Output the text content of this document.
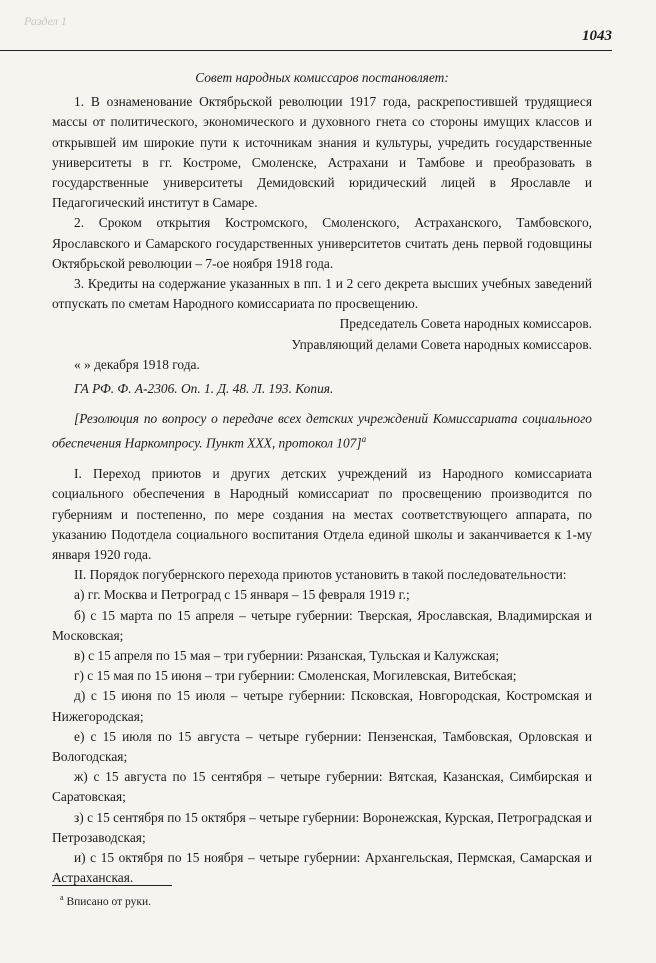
Раздел 1
1043

Совет народных комиссаров постановляет:

1. В ознаменование Октябрьской революции 1917 года, раскрепостившей трудящиеся массы от политического, экономического и духовного гнета со стороны имущих классов и открывшей им широкие пути к источникам знания и культуры, учредить государственные университеты в гг. Костроме, Смоленске, Астрахани и Тамбове и преобразовать в государственные университеты Демидовский юридический лицей в Ярославле и Педагогический институт в Самаре.

2. Сроком открытия Костромского, Смоленского, Астраханского, Тамбовского, Ярославского и Самарского государственных университетов считать день первой годовщины Октябрьской революции – 7-ое ноября 1918 года.

3. Кредиты на содержание указанных в пп. 1 и 2 сего декрета высших учебных заведений отпускать по сметам Народного комиссариата по просвещению.

Председатель Совета народных комиссаров.

Управляющий делами Совета народных комиссаров.

« » декабря 1918 года.

ГА РФ. Ф. А-2306. Оп. 1. Д. 48. Л. 193. Копия.

[Резолюция по вопросу о передаче всех детских учреждений Комиссариата социального обеспечения Наркомпросу. Пункт XXX, протокол 107]$^a$

I. Переход приютов и других детских учреждений из Народного комиссариата социального обеспечения в Народный комиссариат по просвещению производится по губерниям и постепенно, по мере создания на местах соответствующего аппарата, по указанию Подотдела социального воспитания Отдела единой школы и заканчивается к 1-му января 1920 года.

II. Порядок погубернского перехода приютов установить в такой последовательности:

а) гг. Москва и Петроград с 15 января – 15 февраля 1919 г.;

б) с 15 марта по 15 апреля – четыре губернии: Тверская, Ярославская, Владимирская и Московская;

в) с 15 апреля по 15 мая – три губернии: Рязанская, Тульская и Калужская;

г) с 15 мая по 15 июня – три губернии: Смоленская, Могилевская, Витебская;

д) с 15 июня по 15 июля – четыре губернии: Псковская, Новгородская, Костромская и Нижегородская;

е) с 15 июля по 15 августа – четыре губернии: Пензенская, Тамбовская, Орловская и Вологодская;

ж) с 15 августа по 15 сентября – четыре губернии: Вятская, Казанская, Симбирская и Саратовская;

з) с 15 сентября по 15 октября – четыре губернии: Воронежская, Курская, Петроградская и Петрозаводская;

и) с 15 октября по 15 ноября – четыре губернии: Архангельская, Пермская, Самарская и Астраханская.

$^a$ Вписано от руки.
